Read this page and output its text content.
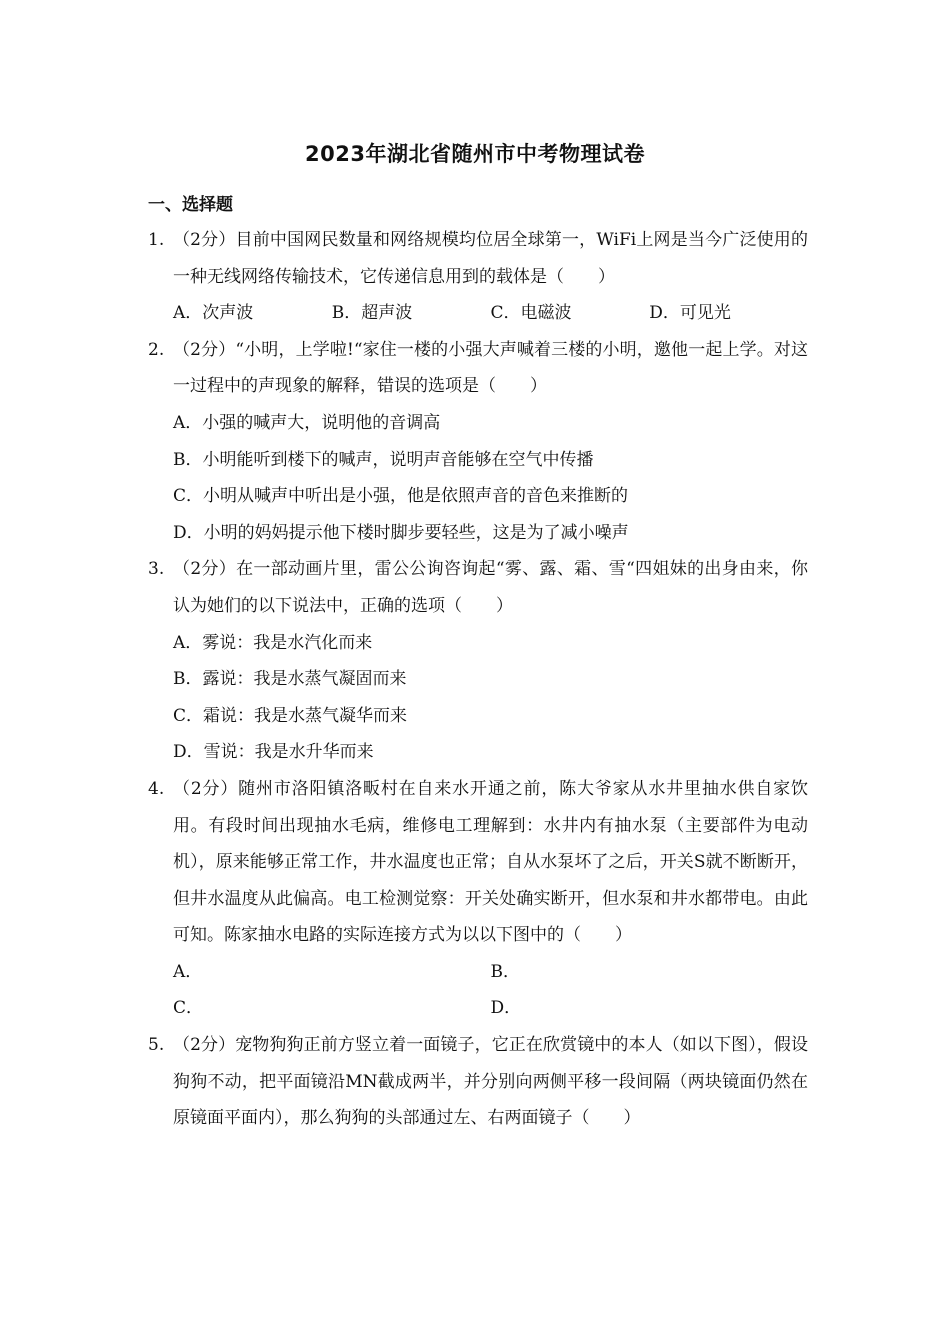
2023年湖北省随州市中考物理试卷
一、选择题
1. （2分）目前中国网民数量和网络规模均位居全球第一，WiFi上网是当今广泛使用的一种无线网络传输技术，它传递信息用到的载体是（　　）
A．次声波	B．超声波	C．电磁波	D．可见光
2. （2分）“小明，上学啦!“家住一楼的小强大声喊着三楼的小明，邀他一起上学。对这一过程中的声现象的解释，错误的选项是（　　）
A．小强的喊声大，说明他的音调高
B．小明能听到楼下的喊声，说明声音能够在空气中传播
C．小明从喊声中听出是小强，他是依照声音的音色来推断的
D．小明的妈妈提示他下楼时脚步要轻些，这是为了减小噪声
3. （2分）在一部动画片里，雷公公询咨询起“雾、露、霜、雪“四姐妹的出身由来，你认为她们的以下说法中，正确的选项（　　）
A．雾说：我是水汽化而来
B．露说：我是水蒸气凝固而来
C．霜说：我是水蒸气凝华而来
D．雪说：我是水升华而来
4. （2分）随州市洛阳镇洛畈村在自来水开通之前，陈大爷家从水井里抽水供自家饮用。有段时间出现抽水毛病，维修电工理解到：水井内有抽水泵（主要部件为电动机），原来能够正常工作，井水温度也正常；自从水泵坏了之后，开关S就不断断开，但井水温度从此偏高。电工检测觉察：开关处确实断开，但水泵和井水都带电。由此可知。陈家抽水电路的实际连接方式为以以下图中的（　　）
A．	B．
C．	D．
5. （2分）宠物狗狗正前方竖立着一面镜子，它正在欣赏镜中的本人（如以下图），假设狗狗不动，把平面镜沿MN截成两半，并分别向两侧平移一段间隔（两块镜面仍然在原镜面平面内），那么狗狗的头部通过左、右两面镜子（　　）
